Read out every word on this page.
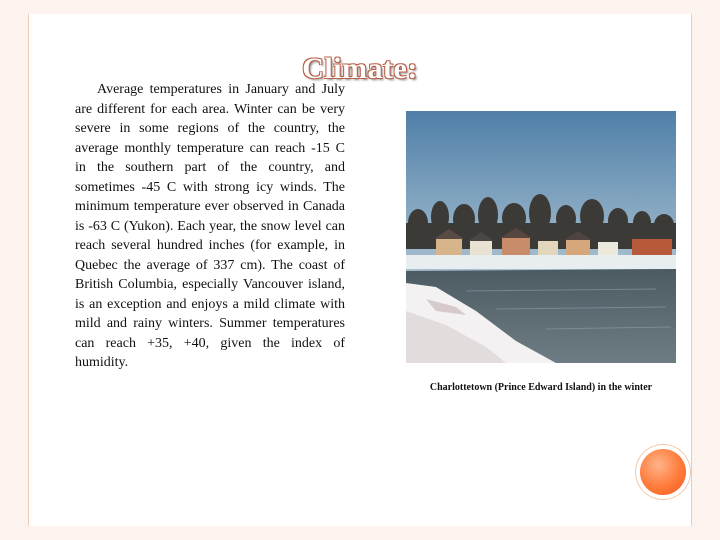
Climate:

Average temperatures in January and July are different for each area. Winter can be very severe in some regions of the country, the average monthly temperature can reach -15 C in the southern part of the country, and sometimes -45 C with strong icy winds. The minimum temperature ever observed in Canada is -63 C (Yukon). Each year, the snow level can reach several hundred inches (for example, in Quebec the average of 337 cm). The coast of British Columbia, especially Vancouver island, is an exception and enjoys a mild climate with mild and rainy winters. Summer temperatures can reach +35, +40, given the index of humidity.

Charlottetown (Prince Edward Island) in the winter
